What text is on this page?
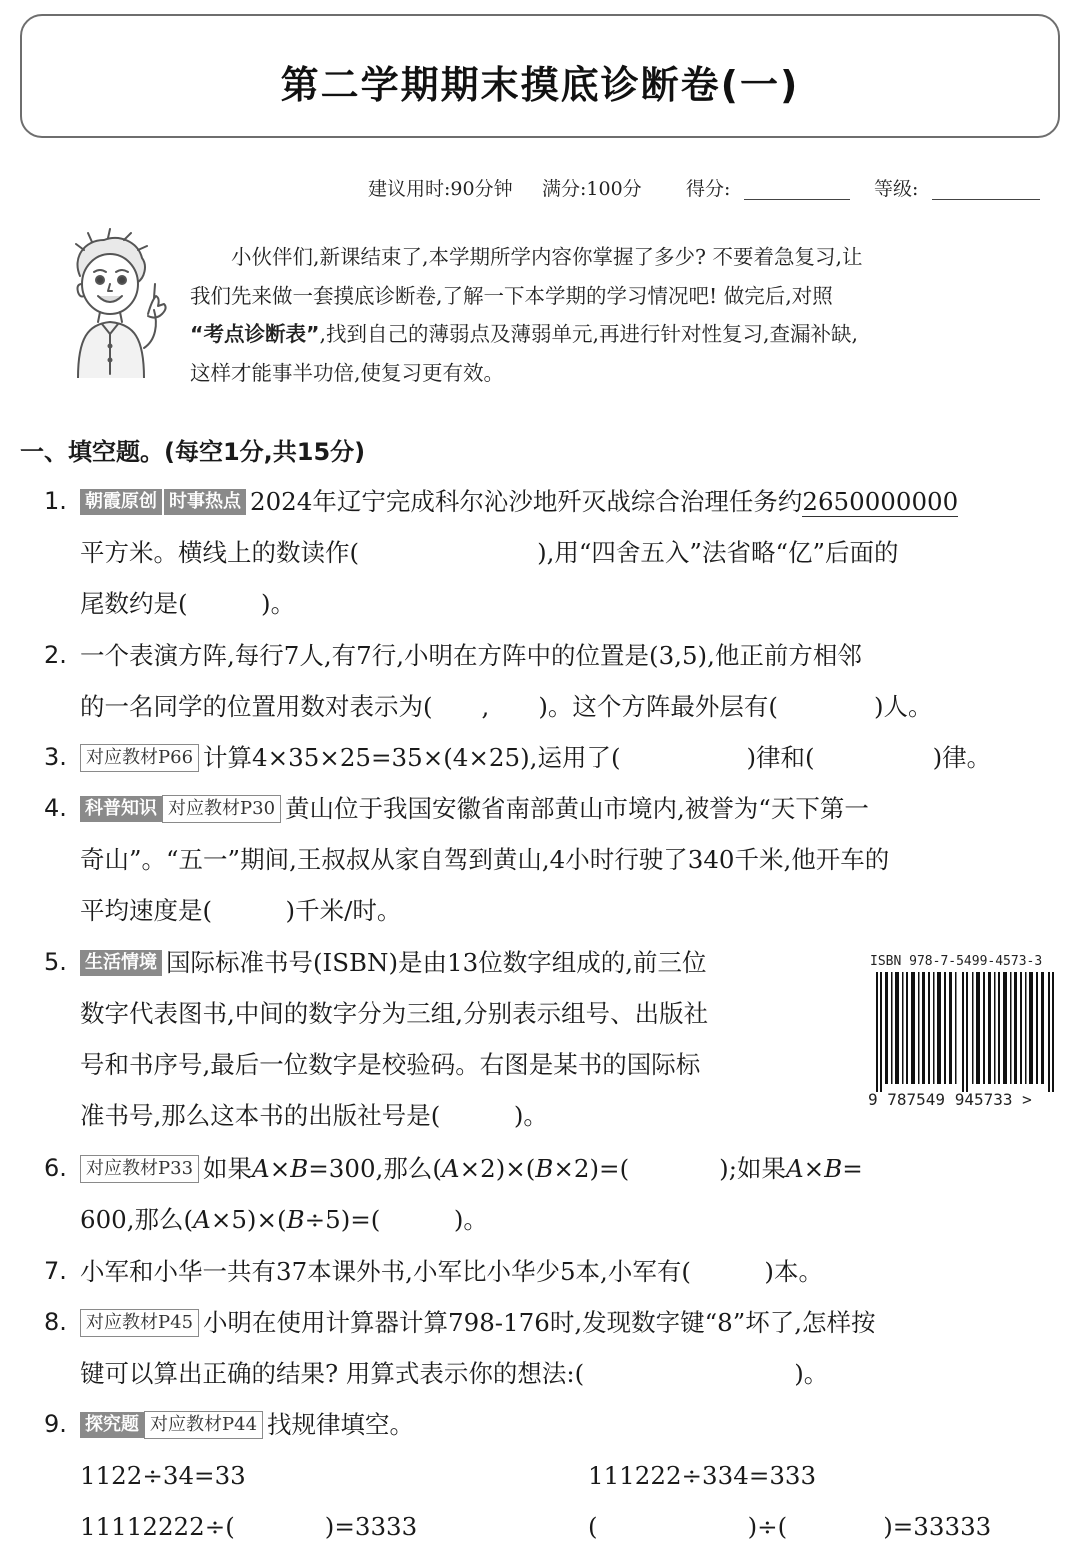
第二学期期末摸底诊断卷(一)
建议用时:90分钟 满分:100分 得分:	等级:
小伙伴们,新课结束了,本学期所学内容你掌握了多少? 不要着急复习,让
我们先来做一套摸底诊断卷,了解一下本学期的学习情况吧! 做完后,对照
“考点诊断表”,找到自己的薄弱点及薄弱单元,再进行针对性复习,查漏补缺,
这样才能事半功倍,使复习更有效。
一、填空题。(每空1分,共15分)
1. 朝霞原创 时事热点 2024年辽宁完成科尔沁沙地歼灭战综合治理任务约2650000000
平方米。横线上的数读作(	),用“四舍五入”法省略“亿”后面的
尾数约是(　　　)。
2. 一个表演方阵,每行7人,有7行,小明在方阵中的位置是(3,5),他正前方相邻
的一名同学的位置用数对表示为(　　,　　)。这个方阵最外层有(	)人。
3.	对应教材P66 计算4×35×25=35×(4×25),运用了(	)律和(	)律。
4. 科普知识 对应教材P30 黄山位于我国安徽省南部黄山市境内,被誉为“天下第一
奇山”。“五一”期间,王叔叔从家自驾到黄山,4小时行驶了340千米,他开车的
平均速度是(　　　)千米/时。
5. 生活情境 国际标准书号(ISBN)是由13位数字组成的,前三位
数字代表图书,中间的数字分为三组,分别表示组号、出版社
号和书序号,最后一位数字是校验码。右图是某书的国际标
准书号,那么这本书的出版社号是(　　　)。
ISBN 978-7-5499-4573-3
9 787549 945733 >
6.	对应教材P33 如果A×B=300,那么(A×2)×(B×2)=(	);如果A×B=
600,那么(A×5)×(B÷5)=(　　　)。
7. 小军和小华一共有37本课外书,小军比小华少5本,小军有(　　　)本。
8.	对应教材P45 小明在使用计算器计算798-176时,发现数字键“8”坏了,怎样按
键可以算出正确的结果? 用算式表示你的想法:(	)。
9. 探究题 对应教材P44 找规律填空。
1122÷34=33	111222÷334=333
11112222÷(	)=3333	(	)÷(	)=33333
